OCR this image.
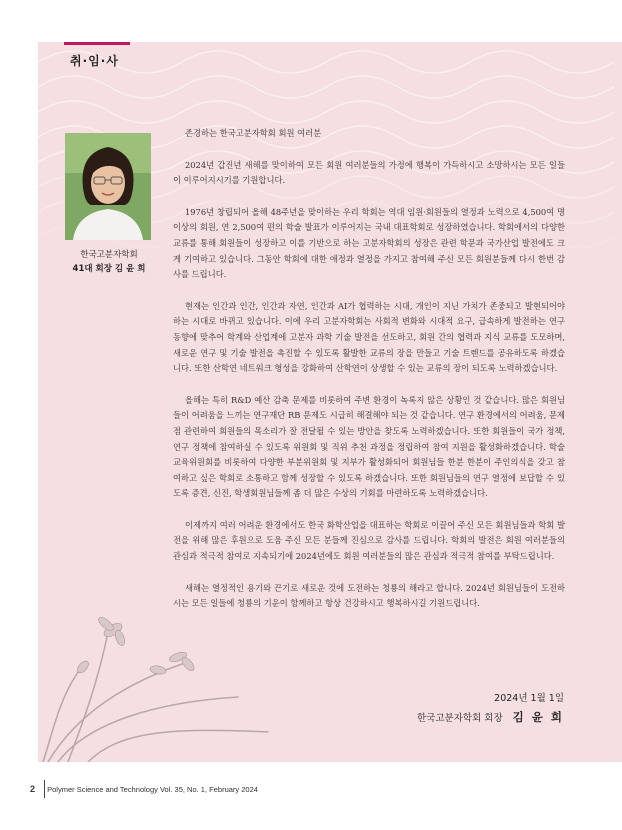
취·임·사
한국고분자학회
41대 회장 김 윤 희

존경하는 한국고분자학회 회원 여러분

2024년 갑진년 새해를 맞이하여 모든 회원 여러분들의 가정에 행복이 가득하시고 소망하시는 모든 일들이 이루어지시기를 기원합니다.

1976년 창립되어 올해 48주년을 맞이하는 우리 학회는 역대 임원·회원들의 열정과 노력으로 4,500여 명 이상의 회원, 연 2,500여 편의 학술 발표가 이루어지는 국내 대표학회로 성장하였습니다. 학회에서의 다양한 교류를 통해 회원들이 성장하고 이를 기반으로 하는 고분자학회의 성장은 관련 학문과 국가산업 발전에도 크게 기여하고 있습니다. 그동안 학회에 대한 애정과 열정을 가지고 참여해 주신 모든 회원분들께 다시 한번 감사를 드립니다.

현재는 인간과 인간, 인간과 자연, 인간과 AI가 협력하는 시대, 개인이 지닌 가치가 존중되고 발현되어야 하는 시대로 바뀌고 있습니다. 이에 우리 고분자학회는 사회적 변화와 시대적 요구, 급속하게 발전하는 연구 동향에 맞추어 학계와 산업계에 고분자 과학 기술 발전을 선도하고, 회원 간의 협력과 지식 교류를 도모하며, 새로운 연구 및 기술 발전을 촉진할 수 있도록 활발한 교류의 장을 만들고 기술 트렌드를 공유하도록 하겠습니다. 또한 산학연 네트워크 형성을 강화하여 산학연이 상생할 수 있는 교류의 장이 되도록 노력하겠습니다.

올해는 특히 R&D 예산 감축 문제를 비롯하여 주변 환경이 녹록지 않은 상황인 것 같습니다. 많은 회원님들이 어려움을 느끼는 연구재단 RB 문제도 시급히 해결해야 되는 것 같습니다. 연구 환경에서의 어려움, 문제점 관련하여 회원들의 목소리가 잘 전달될 수 있는 방안을 찾도록 노력하겠습니다. 또한 회원들이 국가 정책, 연구 정책에 참여하실 수 있도록 위원회 및 직위 추천 과정을 정립하여 참여 지원을 활성화하겠습니다. 학술교육위원회를 비롯하여 다양한 부분위원회 및 지부가 활성화되어 회원님들 한분 한분이 주인의식을 갖고 참여하고 싶은 학회로 소통하고 함께 성장할 수 있도록 하겠습니다. 또한 회원님들의 연구 열정에 보답할 수 있도록 증견, 신진, 학생회원님들께 좀 더 많은 수상의 기회를 마련하도록 노력하겠습니다.

이제까지 여러 어려운 환경에서도 한국 화학산업을 대표하는 학회로 이끌어 주신 모든 회원님들과 학회 발전을 위해 많은 후원으로 도움 주신 모든 분들께 진심으로 감사를 드립니다. 학회의 발전은 회원 여러분들의 관심과 적극적 참여로 지속되기에 2024년에도 회원 여러분들의 많은 관심과 적극적 참여를 부탁드립니다.

새해는 열정적인 용기와 끈기로 새로운 것에 도전하는 청룡의 해라고 합니다. 2024년 회원님들이 도전하시는 모든 일들에 청룡의 기운이 함께하고 항상 건강하시고 행복하시길 기원드립니다.

2024년 1월 1일
한국고분자학회 회장 김 윤 희
2 Polymer Science and Technology Vol. 35, No. 1, February 2024
